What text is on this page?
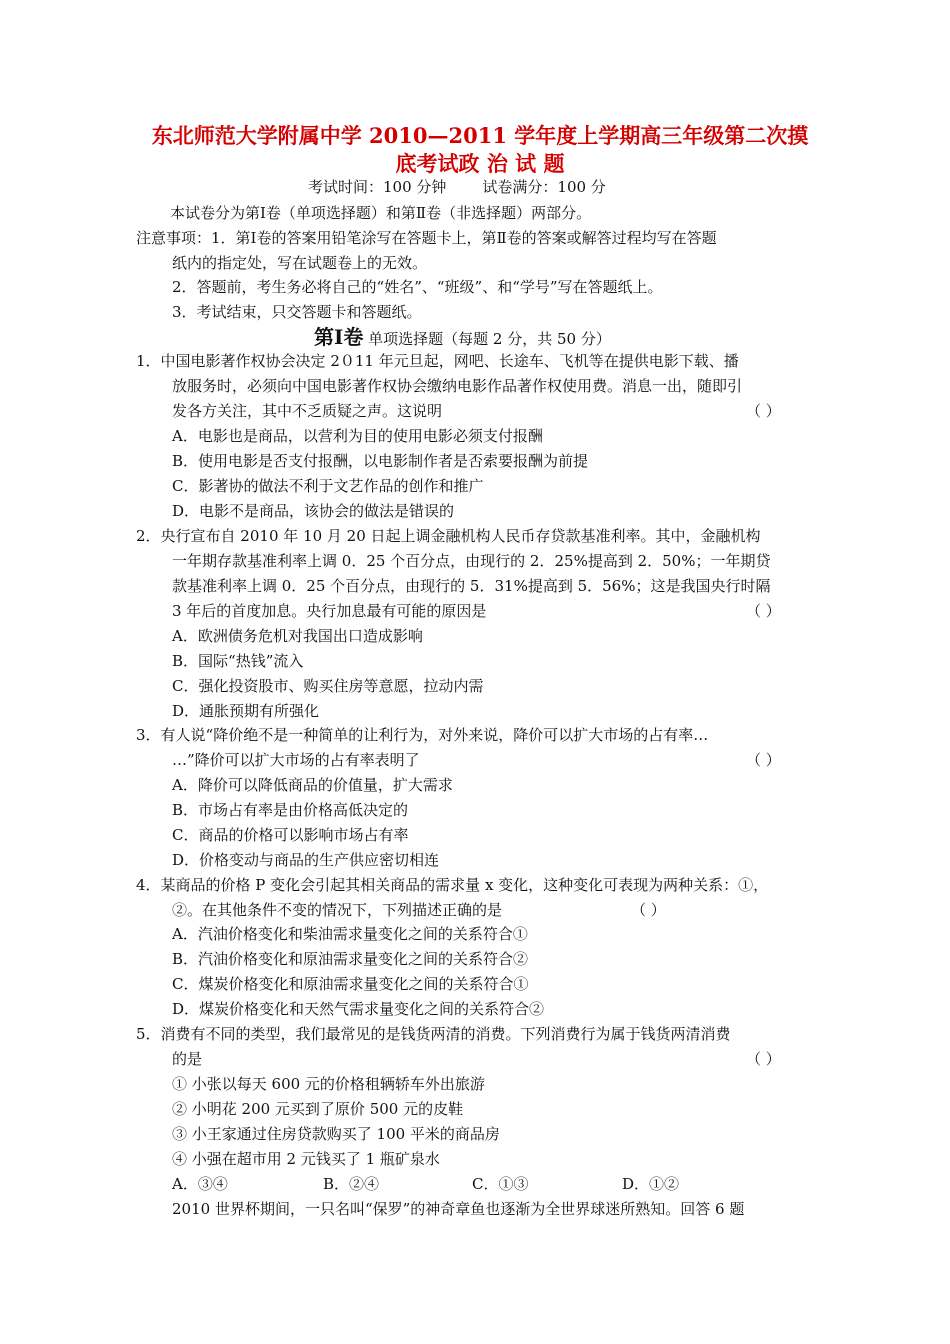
东北师范大学附属中学 2010—2011 学年度上学期高三年级第二次摸
底考试政 治 试 题
考试时间：100 分钟 试卷满分：100 分
本试卷分为第Ⅰ卷（单项选择题）和第Ⅱ卷（非选择题）两部分。
注意事项：1．第Ⅰ卷的答案用铅笔涂写在答题卡上，第Ⅱ卷的答案或解答过程均写在答题
纸内的指定处，写在试题卷上的无效。
2．答题前，考生务必将自己的“姓名”、“班级”、和“学号”写在答题纸上。
3．考试结束，只交答题卡和答题纸。
第Ⅰ卷 单项选择题（每题 2 分，共 50 分）
1．中国电影著作权协会决定 2０11 年元旦起，网吧、长途车、飞机等在提供电影下载、播
放服务时，必须向中国电影著作权协会缴纳电影作品著作权使用费。消息一出，随即引
发各方关注，其中不乏质疑之声。这说明	（ ）
A．电影也是商品，以营利为目的使用电影必须支付报酬
B．使用电影是否支付报酬，以电影制作者是否索要报酬为前提
C．影著协的做法不利于文艺作品的创作和推广
D．电影不是商品，该协会的做法是错误的
2．央行宣布自 2010 年 10 月 20 日起上调金融机构人民币存贷款基准利率。其中，金融机构
一年期存款基准利率上调 0．25 个百分点，由现行的 2．25%提高到 2．50%；一年期贷
款基准利率上调 0．25 个百分点，由现行的 5．31%提高到 5．56%；这是我国央行时隔
3 年后的首度加息。央行加息最有可能的原因是	（ ）
A．欧洲债务危机对我国出口造成影响
B．国际“热钱”流入
C．强化投资股市、购买住房等意愿，拉动内需
D．通胀预期有所强化
3．有人说“降价绝不是一种简单的让利行为，对外来说，降价可以扩大市场的占有率…
…”降价可以扩大市场的占有率表明了	（ ）
A．降价可以降低商品的价值量，扩大需求
B．市场占有率是由价格高低决定的
C．商品的价格可以影响市场占有率
D．价格变动与商品的生产供应密切相连
4．某商品的价格 P 变化会引起其相关商品的需求量 x 变化，这种变化可表现为两种关系：①，
②。在其他条件不变的情况下，下列描述正确的是	（ ）
A．汽油价格变化和柴油需求量变化之间的关系符合①
B．汽油价格变化和原油需求量变化之间的关系符合②
C．煤炭价格变化和原油需求量变化之间的关系符合①
D．煤炭价格变化和天然气需求量变化之间的关系符合②
5．消费有不同的类型，我们最常见的是钱货两清的消费。下列消费行为属于钱货两清消费
的是	（ ）
① 小张以每天 600 元的价格租辆轿车外出旅游
② 小明花 200 元买到了原价 500 元的皮鞋
③ 小王家通过住房贷款购买了 100 平米的商品房
④ 小强在超市用 2 元钱买了 1 瓶矿泉水
A．③④	B．②④	C．①③	D．①②
2010 世界杯期间，一只名叫“保罗”的神奇章鱼也逐渐为全世界球迷所熟知。回答 6 题
